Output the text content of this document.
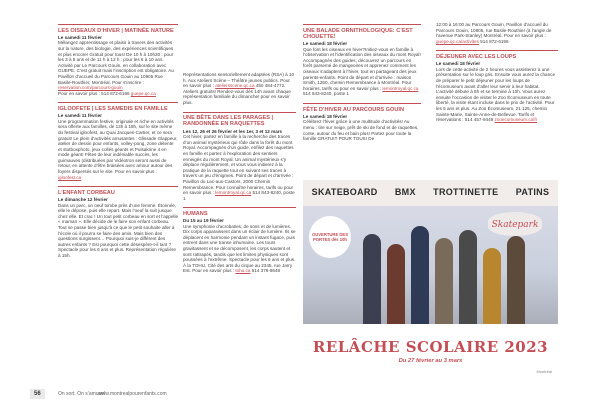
LES OISEAUX D’HIVER | MATINÉE NATURE
Le samedi 11 février
Mélangez apprentissage et plaisir à travers des activités sur la nature, des biologie, des expériences scientifiques et plus encore! Gratuit pour tous! De 10 h à 10h30 : pour les 3 à 5 ans et de 11 h à 12 h : pour les 6 à 10 ans. Activité par Le Parcours Gouin, en collaboration avec GUEPE. C’est gratuit mais l’inscription est obligatoire. Au Pavillon d’accueil du Parcours Gouin au 10905 Rue Basile-Routhier, Montréal. Pour s’inscrire : reservation.com/parcours-gouin
Pour en savoir plus : 514 872-6196 guepe.qc.ca
IGLOOFETE | LES SAMEDIS EN FAMILLE
Le samedi 11 février
Une programmation festive, originale et riche en activités sera offerte aux familles, de 13h à 18h, sur le site même du festival igloofest, au Quai Jacques-Cartier, et ce sera gratuit! Le plein d’activités amusantes : Glissade Glappeur, atelier de dessin pour enfants, volley-pong, zone détente et stutboxphoto, jeux collés géants et Pulsakrine 4 en mode géant! Fêtes de leur indéniable succès, les guimauves (distribuées par Vidéotron seront aussi de retour, en attente d’être braisées avec amour autour des foyers dispersés sur le site. Pour en savoir plus : igloofest.ca
L’ENFANT CORBEAU
Le dimanche 12 février
Dans un parc, un oeuf tombe près d’une femme. Étonnée, elle le dépose, puis elle repart. Mais l’oeuf la suit jusque chez elle. Et crac ! Un tout petit corbeau en sort et l’appelle « maman ». Elle décide de le faire son enfant corbeau. Tout se passe bien jusqu’à ce que le petit souhaite aller à l’école où il pourra se faire des amis. Mais bien des questions surgissent… Pourquoi suis-je différent des autres enfants ? Est pourquoi cette désespère-t-il tant ? Spectacle pour les 6 ans et plus. Représentation régulière à 15h.
Représentations sensoriellement adaptées (RSA) à 10 h. Aux Ateliers Scène – Théâtre jeunes publics. Pour en savoir plus : ateliersscene.qc.ca 450 484-4772. Ateliers gratuits! Rendez-vous dès 14h avant chaque représentation familiale du dimanche! pour en savoir plus.
UNE BÊTE DANS LES PARAGES | RANDONNÉE EN RAQUETTES
Les 12, 26 et 26 février et les 1er, 3 et 12 mars
Cet hiver, partez en famille à la recherche des traces d’un animal mystérieux qui rôde dans la forêt du mont Royal. Accompagnés d’un guide, enfilez des raquettes en famille et partez à l’exploration des sentiers enneigés du mont Royal. Un animal mystérieux s’y déplace régulièrement, et vous vous initierez à la pratique de la raquette tout en suivant ses traces à travers un jeu d’énigmes. Point de départ et d’arrivée : Pavillon du Lac-aux-Castors, 2000 Chemin Remembrance. Pour connaître horaires, tarifs ou pour en savoir plus : lemontroyal.qc.ca 514 843-8240, poste 1
HUMANS
Du 15 au 19 février
Une symphonie d’acrobaties, de sons et de lumières. Dix corps apparaissent dans un éclair de lumière. Ils se déplacent en harmonie pendant un instant fugace, puis entrent dans une transe inhumaine. Les tours gravitassent et se décomposent, les corps sautent et sont rattrapés, tandis que les limites physiques sont poussées à l’extrême. Spectacle pour les 6 ans et plus. À la TOHU, Cité des arts du cirque au 2345, rue Jarry Est. Pour en savoir plus : tohu.ca 514 376-8648
UNE BALADE ORNITHOLOGIQUE: C’EST CHOUETTE!
Le samedi 18 février
Que font les oiseaux en hiver?Initiez-vous en famille à l’observation et l’identification des oiseaux du mont Royal! Accompagnés des guides, découvrez un parcours en forêt parsemé de mangeoires et apprenez comment les oiseaux s’adaptent à l’hiver, tout en partageant des jeux parents-enfants. Point de départ et d’arrivée : maison Smith, 1260, chemin Remembrance à Montréal. Pour horaires, tarifs ou pour en savoir plus : lemontroyal.qc.ca 514 843-8240, poste 1
FÊTE D’HIVER AU PARCOURS GOUIN
Le samedi 18 février
Célébrez l’hiver grâce à une multitude d’activités! Au menu : tire sur neige, prêt de ski de fond et de raquettes, conte, autour du feu et bain plus! Partez pour toute la famille GRATUIT POUR TOUS! De
12:00 à 16:00 au Parcours Gouin, Pavillon d’accueil du Parcours Gouin, 10905, rue Basile-Routhier (à l’angle de l’avenue Park-Stanley) Montréal. Pour en savoir plus : guepe.qc.ca/activites 514 872-6196
DÉJEUNER AVEC LES LOUPS
Le samedi 18 février
Lors de cette activité de 2 heures vous assisterez à une présentation sur le loup gris. Ensuite vous aurez la chance de préparer le petit déjeuner pour les loups de l’écomuseum avant d’aller leur servir à leur habitat. L’activité débute à 8h et se termine à 10h. Vous aurez ensuite l’occasion de visiter le Zoo Écomuseum en toute liberté, la visite étant incluse dans le prix de l’activité. Pour les 5 ans et plus. Au Zoo Écomuseum, 21 125, chemin Sainte-Marie, Sainte-Anne-de-Bellevue. Tarifs et réservations : 514 457-9449 zooecomuseum.ca/fr
SKATEBOARD BMX TROTTINETTE PATINS
OUVERTURE DES PORTES dès 10h
Skatepark
RELÂCHE SCOLAIRE 2023
Du 27 février au 3 mars
Montréal
56	On sort. On s’amuse!
www.montrealpourenfants.com
